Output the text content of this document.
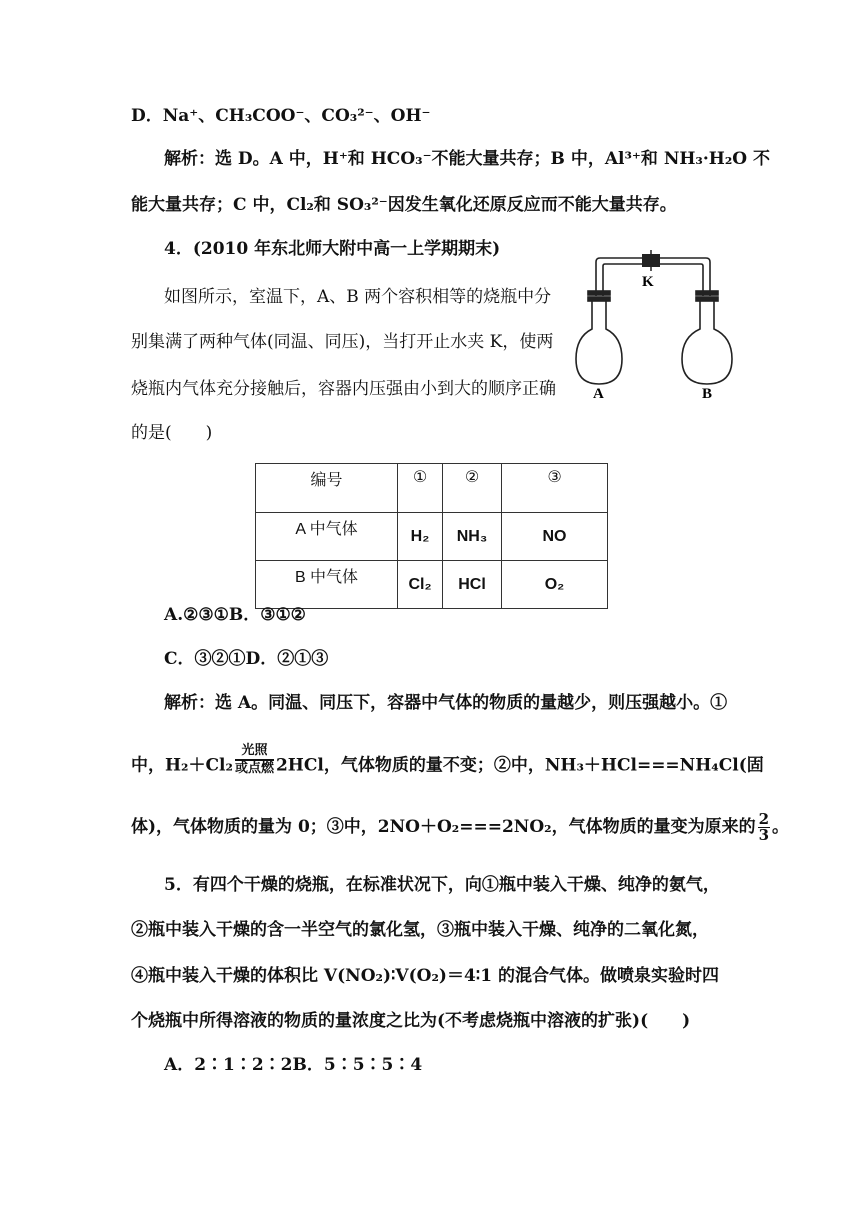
D．Na⁺、CH₃COO⁻、CO₃²⁻、OH⁻
解析：选 D。A 中，H⁺和 HCO₃⁻不能大量共存；B 中，Al³⁺和 NH₃·H₂O 不
能大量共存；C 中，Cl₂和 SO₃²⁻因发生氧化还原反应而不能大量共存。
4．(2010 年东北师大附中高一上学期期末)
如图所示，室温下，A、B 两个容积相等的烧瓶中分
别集满了两种气体(同温、同压)，当打开止水夹 K，使两
烧瓶内气体充分接触后，容器内压强由小到大的顺序正确
的是(　　)
K
A	B
编号	①	②	③
A 中气体	H₂	NH₃	NO
B 中气体	Cl₂	HCl	O₂
A.②③①B．③①②
C．③②①D．②①③
解析：选 A。同温、同压下，容器中气体的物质的量越少，则压强越小。①
中，H₂＋Cl₂
光照
或点燃 2HCl，气体物质的量不变；②中，NH₃＋HCl===NH₄Cl(固
体)，气体物质的量为 0；③中，2NO＋O₂===2NO₂，气体物质的量变为原来的 $\frac{2}{3}$ 。
5．有四个干燥的烧瓶，在标准状况下，向①瓶中装入干燥、纯净的氨气，
②瓶中装入干燥的含一半空气的氯化氢，③瓶中装入干燥、纯净的二氧化氮，
④瓶中装入干燥的体积比 V(NO₂)∶V(O₂)＝4∶1 的混合气体。做喷泉实验时四
个烧瓶中所得溶液的物质的量浓度之比为(不考虑烧瓶中溶液的扩张)(　　)
A．2∶1∶2∶2B．5∶5∶5∶4
